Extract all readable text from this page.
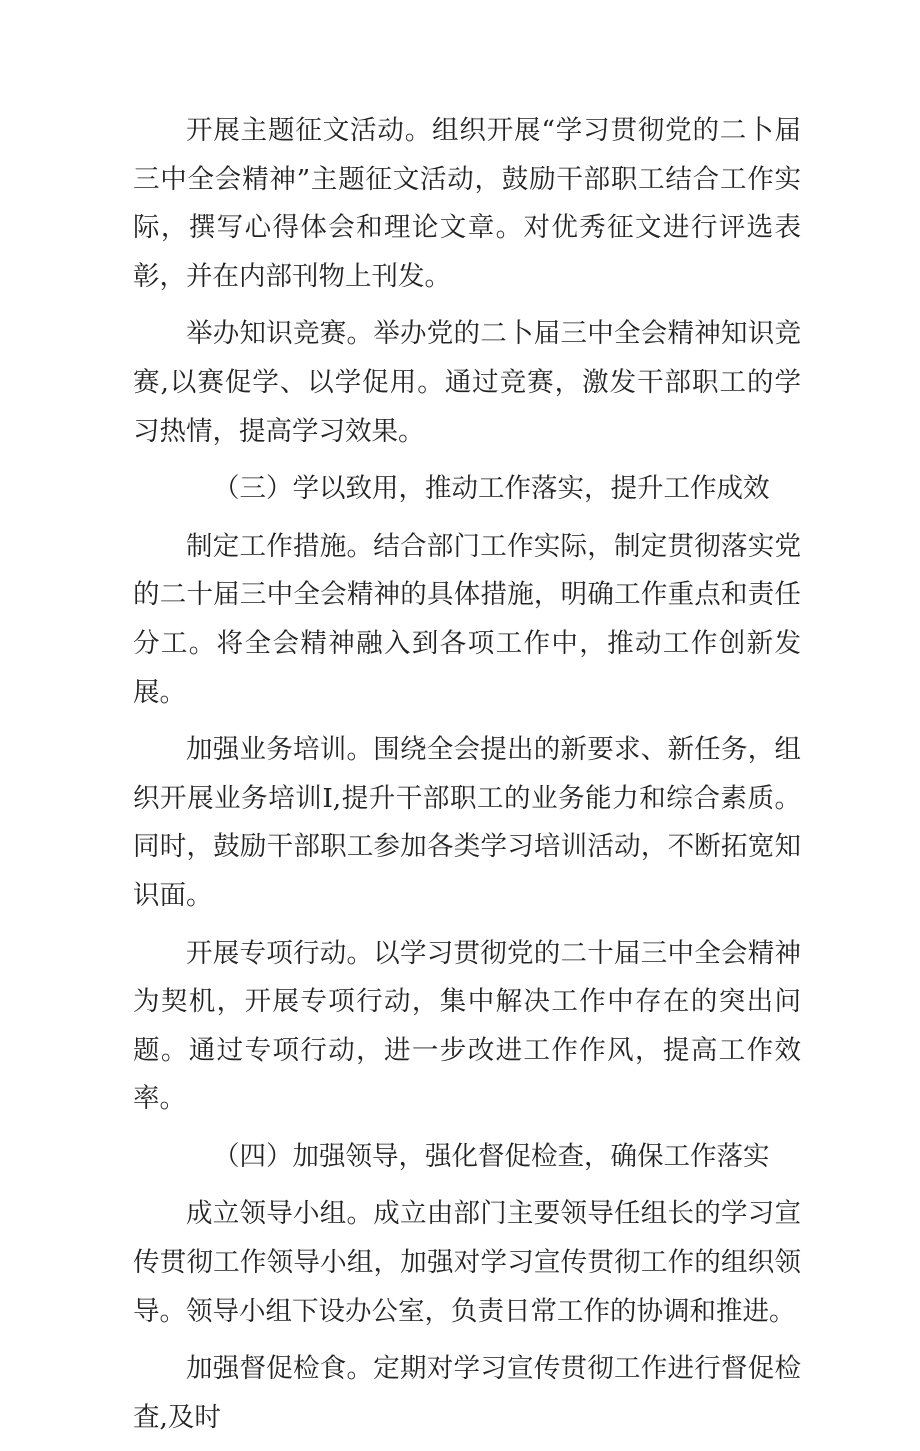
开展主题征文活动。组织开展“学习贯彻党的二卜届三中全会精神”主题征文活动，鼓励干部职工结合工作实际，撰写心得体会和理论文章。对优秀征文进行评选表彰，并在内部刊物上刊发。

举办知识竞赛。举办党的二卜届三中全会精神知识竞赛,以赛促学、以学促用。通过竞赛，激发干部职工的学习热情，提高学习效果。

（三）学以致用，推动工作落实，提升工作成效

制定工作措施。结合部门工作实际，制定贯彻落实党的二十届三中全会精神的具体措施，明确工作重点和责任分工。将全会精神融入到各项工作中，推动工作创新发展。

加强业务培训。围绕全会提出的新要求、新任务，组织开展业务培训I,提升干部职工的业务能力和综合素质。同时，鼓励干部职工参加各类学习培训活动，不断拓宽知识面。

开展专项行动。以学习贯彻党的二十届三中全会精神为契机，开展专项行动，集中解决工作中存在的突出问题。通过专项行动，进一步改进工作作风，提高工作效率。

（四）加强领导，强化督促检查，确保工作落实

成立领导小组。成立由部门主要领导任组长的学习宣传贯彻工作领导小组，加强对学习宣传贯彻工作的组织领导。领导小组下设办公室，负责日常工作的协调和推进。

加强督促检食。定期对学习宣传贯彻工作进行督促检査,及时
